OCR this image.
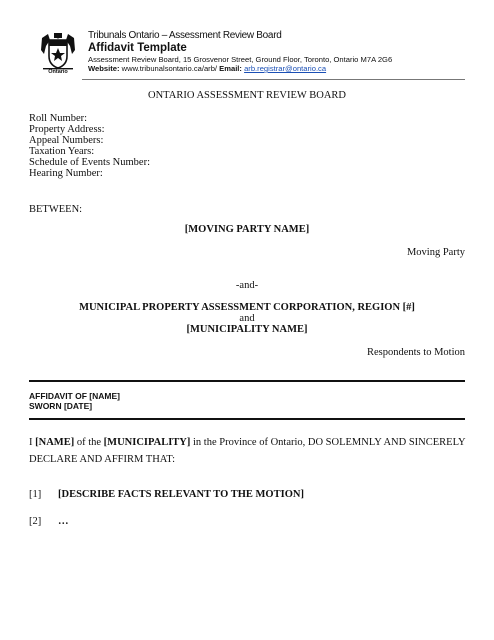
Ontario
Tribunals Ontario – Assessment Review Board
Affidavit Template
Assessment Review Board, 15 Grosvenor Street, Ground Floor, Toronto, Ontario M7A 2G6
Website: www.tribunalsontario.ca/arb/ Email: arb.registrar@ontario.ca
ONTARIO ASSESSMENT REVIEW BOARD
Roll Number:
Property Address:
Appeal Numbers:
Taxation Years:
Schedule of Events Number:
Hearing Number:
BETWEEN:
[MOVING PARTY NAME]
Moving Party
-and-
MUNICIPAL PROPERTY ASSESSMENT CORPORATION, REGION [#]
and
[MUNICIPALITY NAME]
Respondents to Motion
AFFIDAVIT OF [NAME]
SWORN [DATE]
I [NAME] of the [MUNICIPALITY] in the Province of Ontario, DO SOLEMNLY AND SINCERELY DECLARE AND AFFIRM THAT:
[1] [DESCRIBE FACTS RELEVANT TO THE MOTION]
[2] …
